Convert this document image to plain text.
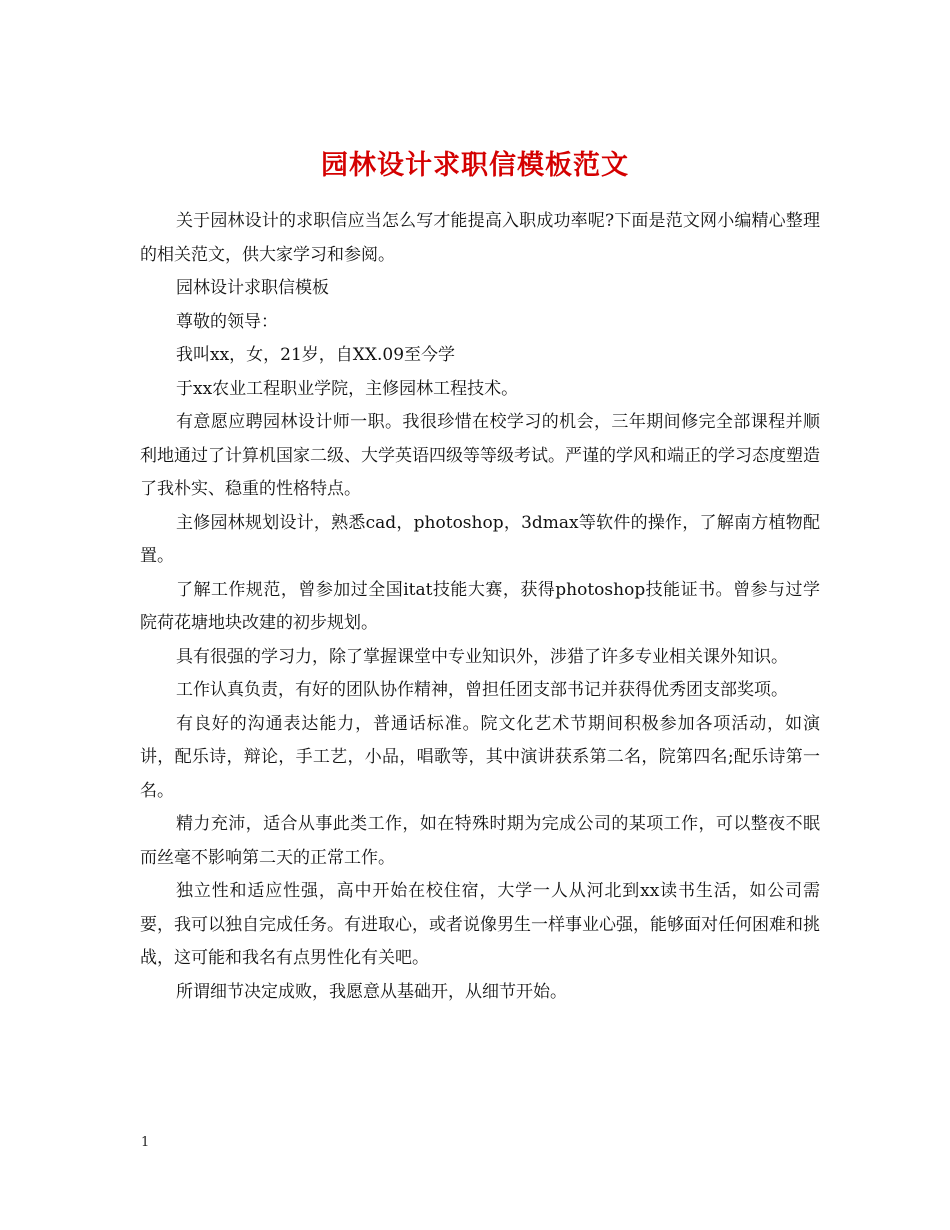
园林设计求职信模板范文

关于园林设计的求职信应当怎么写才能提高入职成功率呢?下面是范文网小编精心整理的相关范文，供大家学习和参阅。

园林设计求职信模板

尊敬的领导：

我叫xx，女，21岁，自XX.09至今学

于xx农业工程职业学院，主修园林工程技术。

有意愿应聘园林设计师一职。我很珍惜在校学习的机会，三年期间修完全部课程并顺利地通过了计算机国家二级、大学英语四级等等级考试。严谨的学风和端正的学习态度塑造了我朴实、稳重的性格特点。

主修园林规划设计，熟悉cad，photoshop，3dmax等软件的操作，了解南方植物配置。

了解工作规范，曾参加过全国itat技能大赛，获得photoshop技能证书。曾参与过学院荷花塘地块改建的初步规划。

具有很强的学习力，除了掌握课堂中专业知识外，涉猎了许多专业相关课外知识。

工作认真负责，有好的团队协作精神，曾担任团支部书记并获得优秀团支部奖项。

有良好的沟通表达能力，普通话标准。院文化艺术节期间积极参加各项活动，如演讲，配乐诗，辩论，手工艺，小品，唱歌等，其中演讲获系第二名，院第四名;配乐诗第一名。

精力充沛，适合从事此类工作，如在特殊时期为完成公司的某项工作，可以整夜不眠而丝毫不影响第二天的正常工作。

独立性和适应性强，高中开始在校住宿，大学一人从河北到xx读书生活，如公司需要，我可以独自完成任务。有进取心，或者说像男生一样事业心强，能够面对任何困难和挑战，这可能和我名有点男性化有关吧。

所谓细节决定成败，我愿意从基础开，从细节开始。

1
